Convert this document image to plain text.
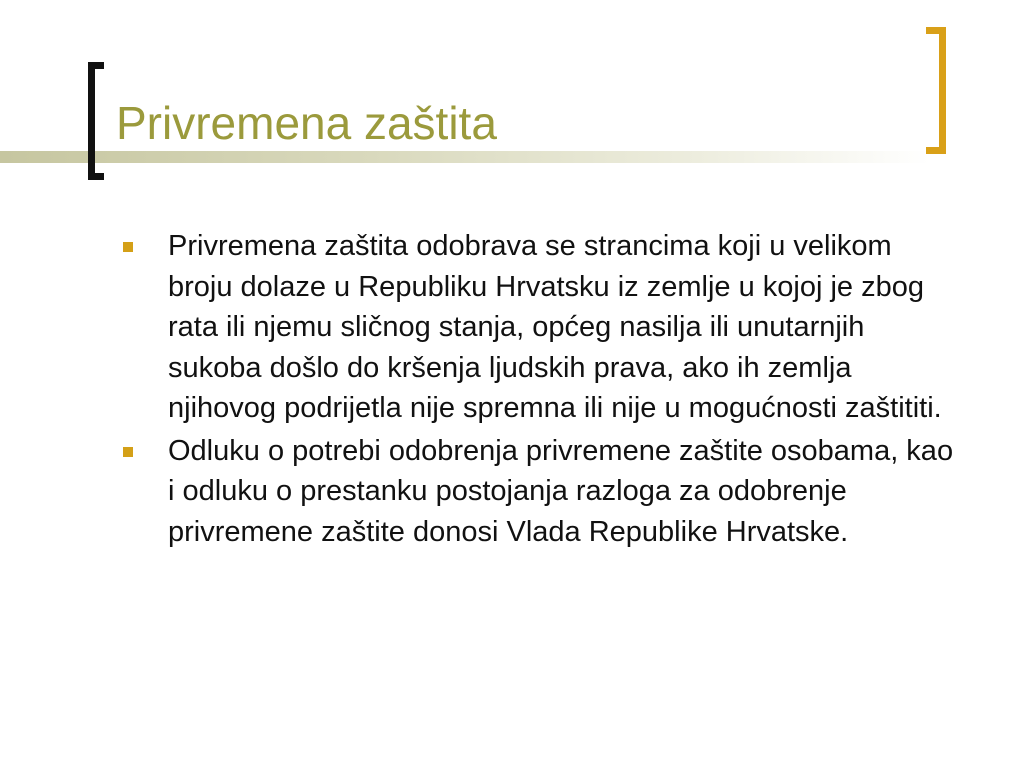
Privremena zaštita
Privremena zaštita odobrava se strancima koji u velikom broju dolaze u Republiku Hrvatsku iz zemlje u kojoj je zbog rata ili njemu sličnog stanja, općeg nasilja ili unutarnjih sukoba došlo do kršenja ljudskih prava, ako ih zemlja njihovog podrijetla nije spremna ili nije u mogućnosti zaštititi.
Odluku o potrebi odobrenja privremene zaštite osobama, kao i odluku o prestanku postojanja razloga za odobrenje privremene zaštite donosi Vlada Republike Hrvatske.
